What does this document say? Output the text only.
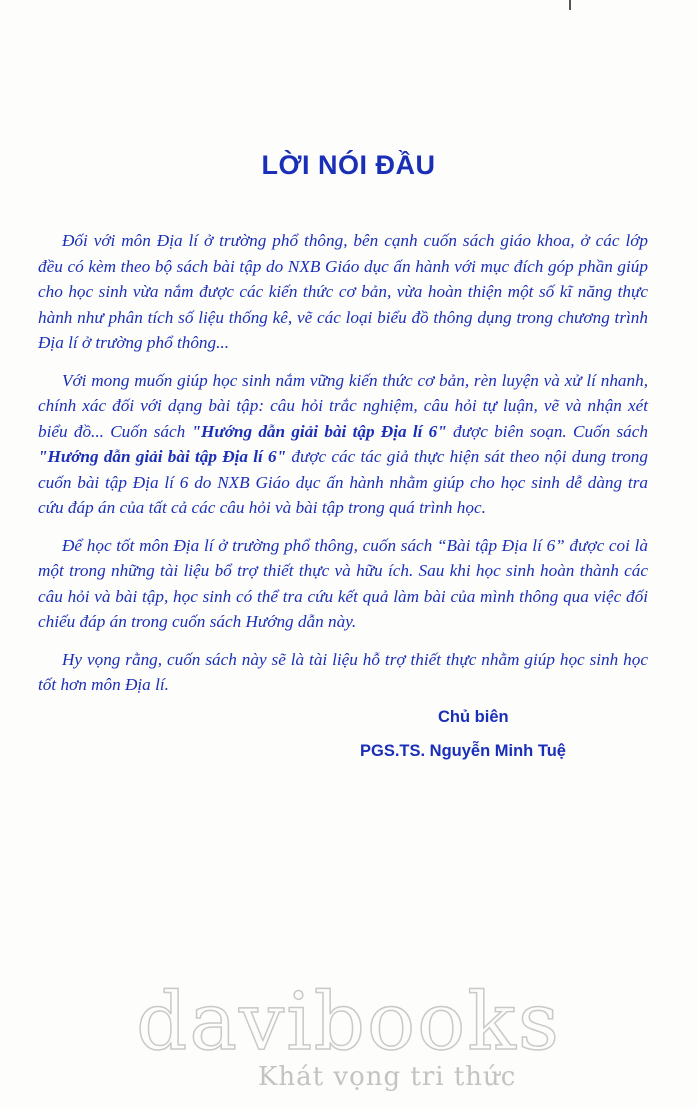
LỜI NÓI ĐẦU

Đối với môn Địa lí ở trường phổ thông, bên cạnh cuốn sách giáo khoa, ở các lớp đều có kèm theo bộ sách bài tập do NXB Giáo dục ấn hành với mục đích góp phần giúp cho học sinh vừa nắm được các kiến thức cơ bản, vừa hoàn thiện một số kĩ năng thực hành như phân tích số liệu thống kê, vẽ các loại biểu đồ thông dụng trong chương trình Địa lí ở trường phổ thông...

Với mong muốn giúp học sinh nắm vững kiến thức cơ bản, rèn luyện và xử lí nhanh, chính xác đối với dạng bài tập: câu hỏi trắc nghiệm, câu hỏi tự luận, vẽ và nhận xét biểu đồ... Cuốn sách "Hướng dẫn giải bài tập Địa lí 6" được biên soạn. Cuốn sách "Hướng dẫn giải bài tập Địa lí 6" được các tác giả thực hiện sát theo nội dung trong cuốn bài tập Địa lí 6 do NXB Giáo dục ấn hành nhằm giúp cho học sinh dễ dàng tra cứu đáp án của tất cả các câu hỏi và bài tập trong quá trình học.

Để học tốt môn Địa lí ở trường phổ thông, cuốn sách “Bài tập Địa lí 6” được coi là một trong những tài liệu bổ trợ thiết thực và hữu ích. Sau khi học sinh hoàn thành các câu hỏi và bài tập, học sinh có thể tra cứu kết quả làm bài của mình thông qua việc đối chiếu đáp án trong cuốn sách Hướng dẫn này.

Hy vọng rằng, cuốn sách này sẽ là tài liệu hỗ trợ thiết thực nhằm giúp học sinh học tốt hơn môn Địa lí.

Chủ biên
PGS.TS. Nguyễn Minh Tuệ
davibooks
Khát vọng tri thức
